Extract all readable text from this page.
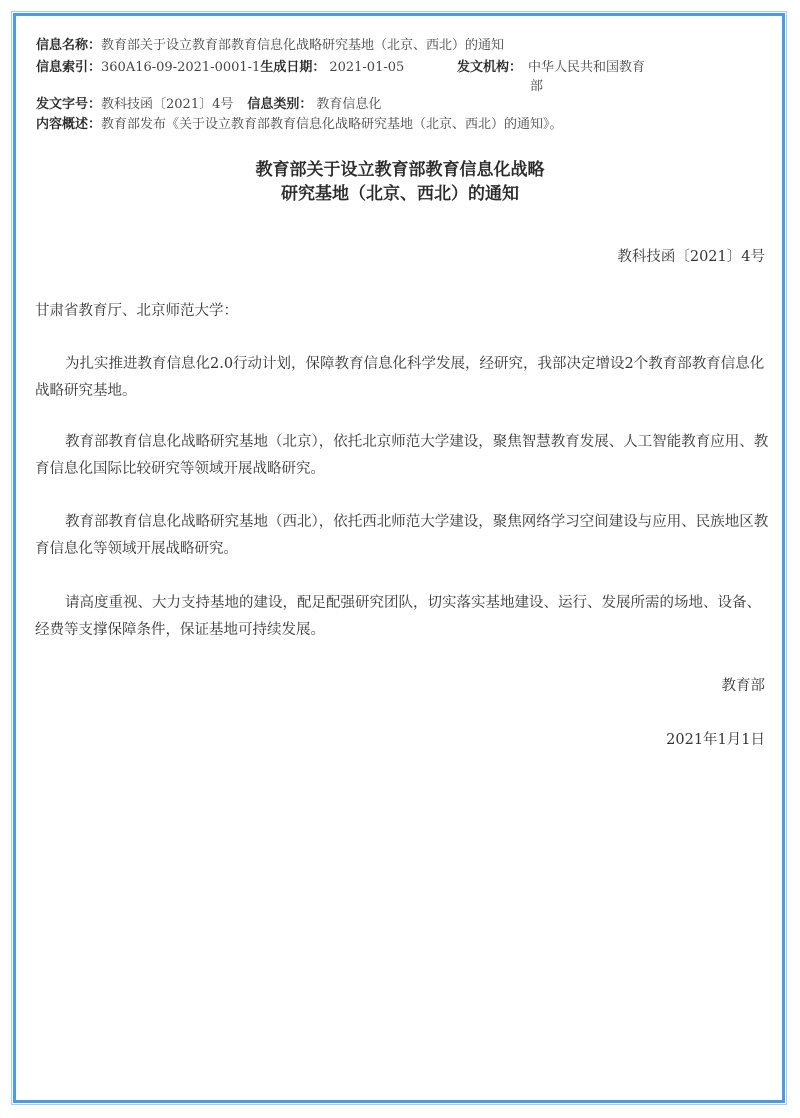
信息名称：教育部关于设立教育部教育信息化战略研究基地（北京、西北）的通知
信息索引：360A16-09-2021-0001-1生成日期： 2021-01-05	发文机构： 中华人民共和国教育
部
发文字号：教科技函〔2021〕4号 信息类别： 教育信息化
内容概述：教育部发布《关于设立教育部教育信息化战略研究基地（北京、西北）的通知》。
教育部关于设立教育部教育信息化战略
研究基地（北京、西北）的通知
教科技函〔2021〕4号
甘肃省教育厅、北京师范大学：
为扎实推进教育信息化2.0行动计划，保障教育信息化科学发展，经研究，我部决定增设2个教育部教育信息化战略研究基地。
教育部教育信息化战略研究基地（北京），依托北京师范大学建设，聚焦智慧教育发展、人工智能教育应用、教育信息化国际比较研究等领域开展战略研究。
教育部教育信息化战略研究基地（西北），依托西北师范大学建设，聚焦网络学习空间建设与应用、民族地区教育信息化等领域开展战略研究。
请高度重视、大力支持基地的建设，配足配强研究团队，切实落实基地建设、运行、发展所需的场地、设备、经费等支撑保障条件，保证基地可持续发展。
教育部
2021年1月1日
